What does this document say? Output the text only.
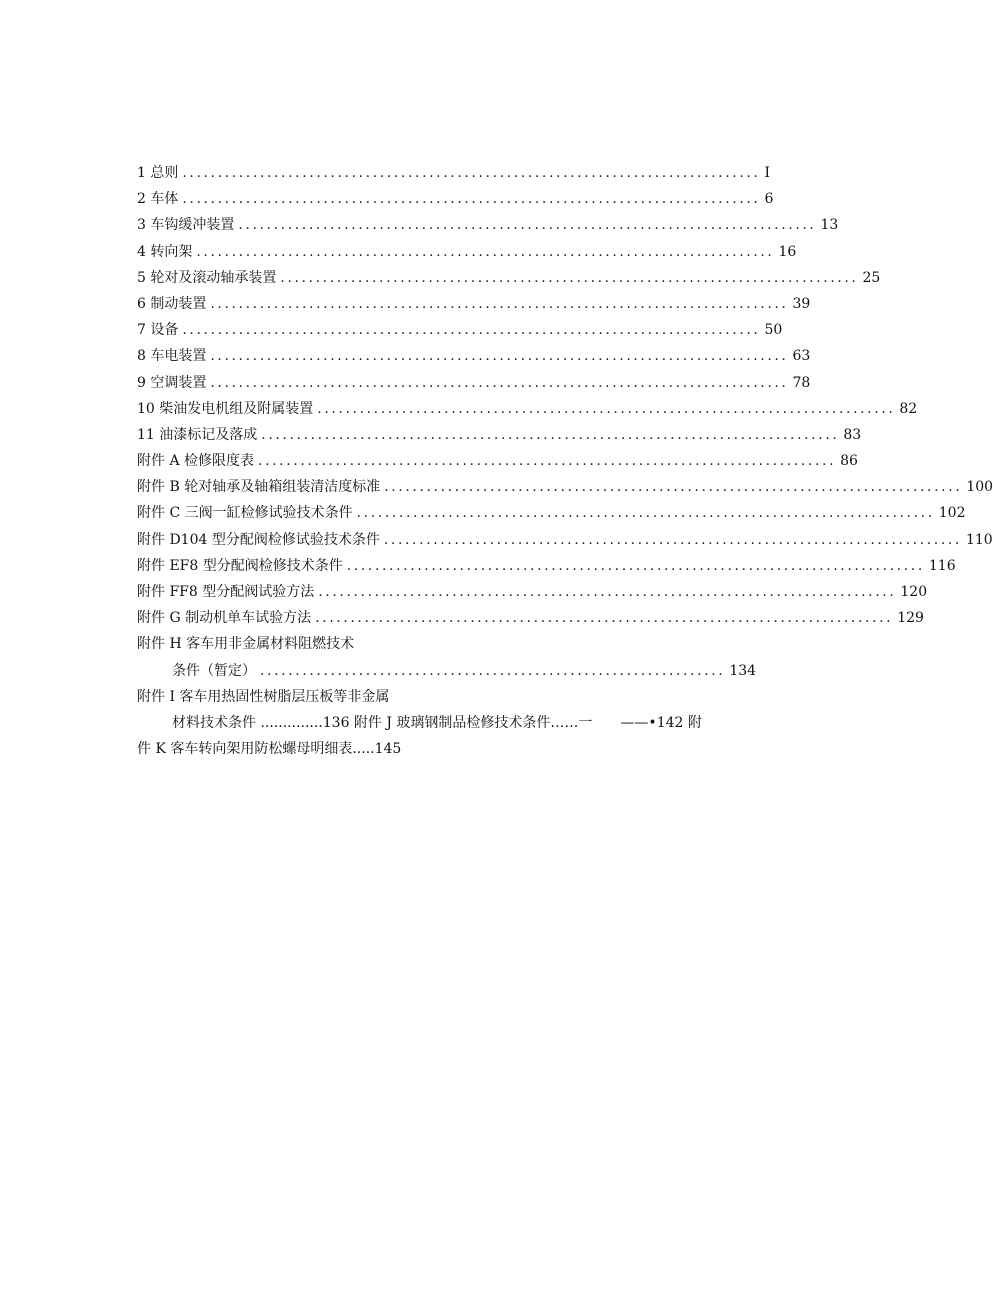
1 总则 .................................................................................. I
2 车体 .................................................................................. 6
3 车钩缓冲装置 .................................................................................. 13
4 转向架 .................................................................................. 16
5 轮对及滚动轴承装置 .................................................................................. 25
6 制动装置 .................................................................................. 39
7 设备 .................................................................................. 50
8 车电装置 .................................................................................. 63
9 空调装置 .................................................................................. 78
10 柴油发电机组及附属装置 .................................................................................. 82
11 油漆标记及落成 .................................................................................. 83
附件 A 检修限度表 .................................................................................. 86
附件 B 轮对轴承及轴箱组装清洁度标准 .................................................................................. 100
附件 C 三阀一缸检修试验技术条件 .................................................................................. 102
附件 D104 型分配阀检修试验技术条件 .................................................................................. 110
附件 EF8 型分配阀检修技术条件 .................................................................................. 116
附件 FF8 型分配阀试验方法 .................................................................................. 120
附件 G 制动机单车试验方法 .................................................................................. 129
附件 H 客车用非金属材料阻燃技术
条件（暂定） .................................................................. 134
附件 I 客车用热固性树脂层压板等非金属
材料技术条件 ..............136 附件 J 玻璃钢制品检修技术条件……一　　——•142 附
件 K 客车转向架用防松螺母明细表.....145
